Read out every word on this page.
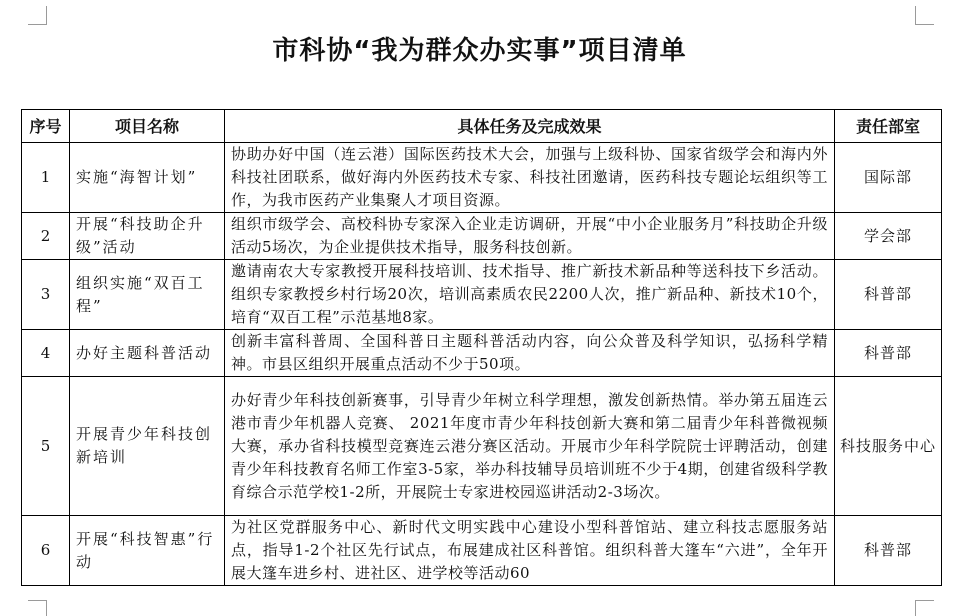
市科协“我为群众办实事”项目清单
序号	项目名称	具体任务及完成效果	责任部室
1	实施“海智计划”	协助办好中国（连云港）国际医药技术大会，加强与上级科协、国家省级学会和海内外科技社团联系，做好海内外医药技术专家、科技社团邀请，医药科技专题论坛组织等工作，为我市医药产业集聚人才项目资源。	国际部
2	开展“科技助企升级”活动	组织市级学会、高校科协专家深入企业走访调研，开展“中小企业服务月”科技助企升级活动5场次，为企业提供技术指导，服务科技创新。	学会部
3	组织实施“双百工程”	邀请南农大专家教授开展科技培训、技术指导、推广新技术新品种等送科技下乡活动。组织专家教授乡村行场20次，培训高素质农民2200人次，推广新品种、新技术10个，培育“双百工程”示范基地8家。	科普部
4	办好主题科普活动	创新丰富科普周、全国科普日主题科普活动内容，向公众普及科学知识，弘扬科学精神。市县区组织开展重点活动不少于50项。	科普部
5	开展青少年科技创新培训	办好青少年科技创新赛事，引导青少年树立科学理想，激发创新热情。举办第五届连云港市青少年机器人竞赛、 2021年度市青少年科技创新大赛和第二届青少年科普微视频大赛，承办省科技模型竞赛连云港分赛区活动。开展市少年科学院院士评聘活动，创建青少年科技教育名师工作室3-5家，举办科技辅导员培训班不少于4期，创建省级科学教育综合示范学校1-2所，开展院士专家进校园巡讲活动2-3场次。	科技服务中心
6	开展“科技智惠”行动	为社区党群服务中心、新时代文明实践中心建设小型科普馆站、建立科技志愿服务站点，指导1-2个社区先行试点，布展建成社区科普馆。组织科普大篷车“六进”，全年开展大篷车进乡村、进社区、进学校等活动60	科普部
